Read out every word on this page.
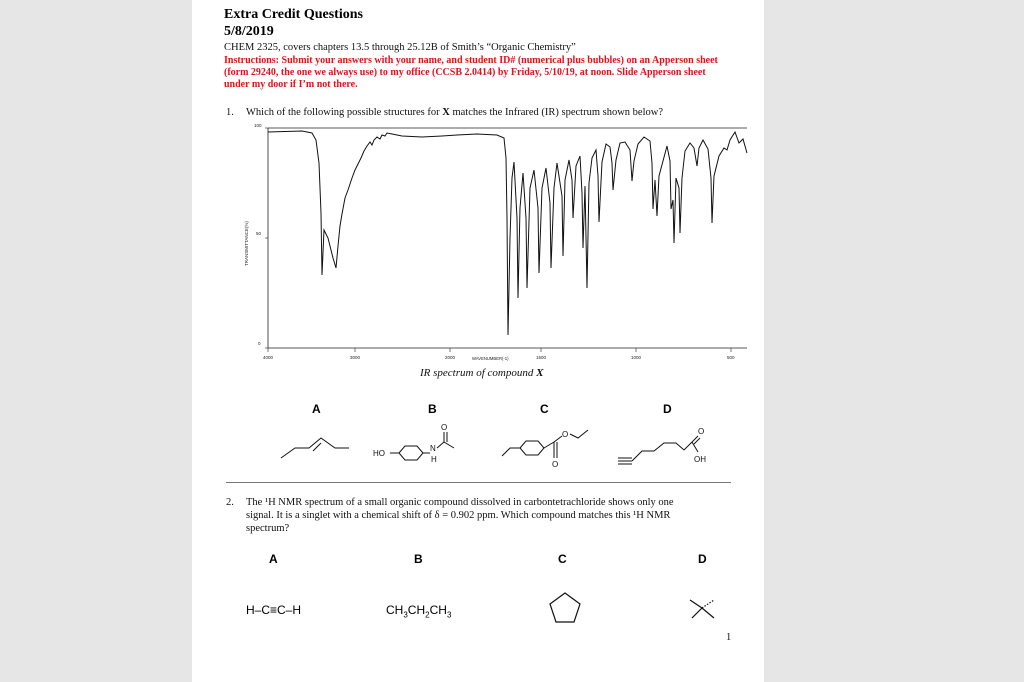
Extra Credit Questions
5/8/2019
CHEM 2325, covers chapters 13.5 through 25.12B of Smith’s “Organic Chemistry”
Instructions: Submit your answers with your name, and student ID# (numerical plus bubbles) on an Apperson sheet (form 29240, the one we always use) to my office (CCSB 2.0414) by Friday, 5/10/19, at noon. Slide Apperson sheet under my door if I’m not there.
1. Which of the following possible structures for X matches the Infrared (IR) spectrum shown below?
100
50
0
4000	3000	2000	1500	1000	500
WAVENUMBER(-1)
TRANSMITTANCE(%)
IR spectrum of compound X
A	B	C	D
HO
N
H
O
O
O	O
OH
2. The ¹H NMR spectrum of a small organic compound dissolved in carbontetrachloride shows only one
signal. It is a singlet with a chemical shift of δ = 0.902 ppm. Which compound matches this ¹H NMR
spectrum?
A	B	C	D
H–C≡C–H	$CH_3CH_2CH_3$
1
